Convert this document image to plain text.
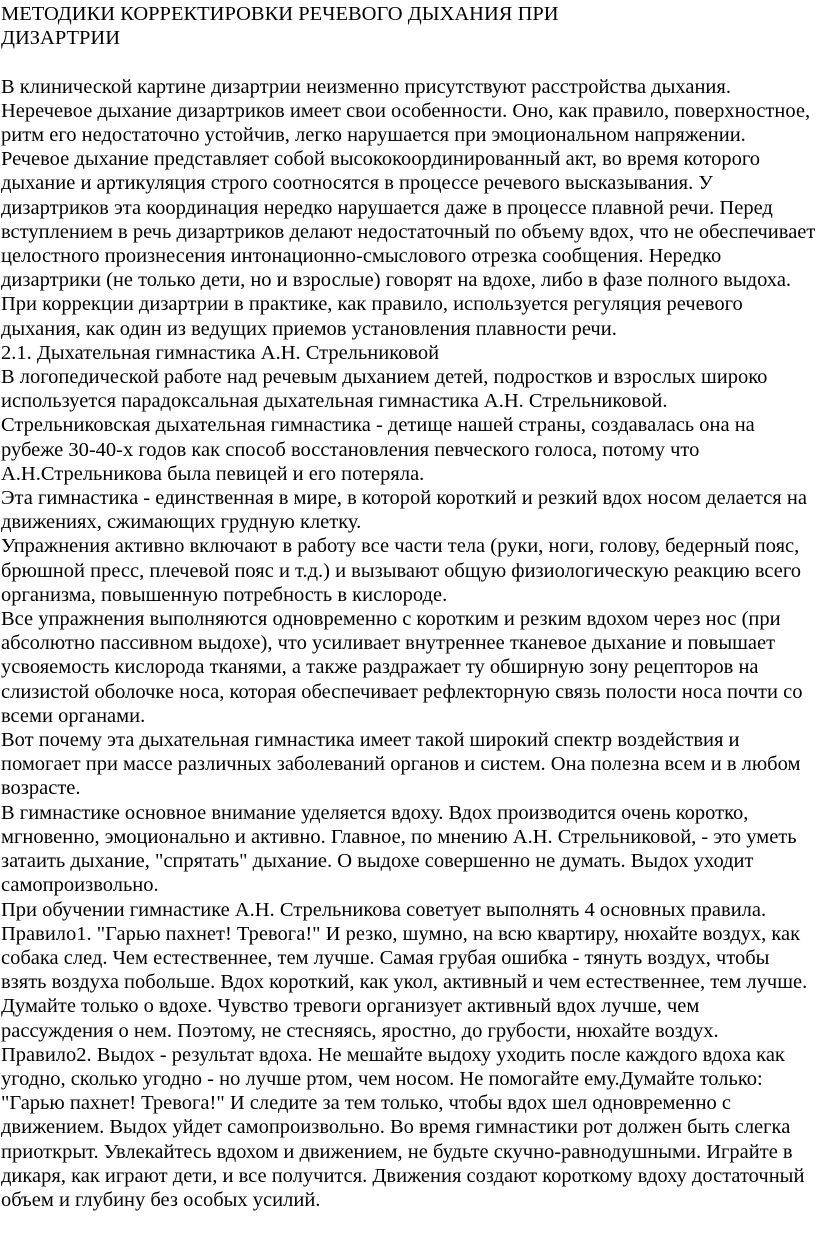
МЕТОДИКИ КОРРЕКТИРОВКИ РЕЧЕВОГО ДЫХАНИЯ ПРИ
ДИЗАРТРИИ

В клинической картине дизартрии неизменно присутствуют расстройства дыхания. Неречевое дыхание дизартриков имеет свои особенности. Оно, как правило, поверхностное, ритм его недостаточно устойчив, легко нарушается при эмоциональном напряжении.

Речевое дыхание представляет собой высококоординированный акт, во время которого дыхание и артикуляция строго соотносятся в процессе речевого высказывания. У дизартриков эта координация нередко нарушается даже в процессе плавной речи. Перед вступлением в речь дизартриков делают недостаточный по объему вдох, что не обеспечивает целостного произнесения интонационно-смыслового отрезка сообщения. Нередко дизартрики (не только дети, но и взрослые) говорят на вдохе, либо в фазе полного выдоха.

При коррекции дизартрии в практике, как правило, используется регуляция речевого дыхания, как один из ведущих приемов установления плавности речи.

2.1. Дыхательная гимнастика А.Н. Стрельниковой

В логопедической работе над речевым дыханием детей, подростков и взрослых широко используется парадоксальная дыхательная гимнастика А.Н. Стрельниковой.

Стрельниковская дыхательная гимнастика - детище нашей страны, создавалась она на рубеже 30-40-х годов как способ восстановления певческого голоса, потому что А.Н.Стрельникова была певицей и его потеряла.

Эта гимнастика - единственная в мире, в которой короткий и резкий вдох носом делается на движениях, сжимающих грудную клетку.

Упражнения активно включают в работу все части тела (руки, ноги, голову, бедерный пояс, брюшной пресс, плечевой пояс и т.д.) и вызывают общую физиологическую реакцию всего организма, повышенную потребность в кислороде.

Все упражнения выполняются одновременно с коротким и резким вдохом через нос (при абсолютно пассивном выдохе), что усиливает внутреннее тканевое дыхание и повышает усвояемость кислорода тканями, а также раздражает ту обширную зону рецепторов на слизистой оболочке носа, которая обеспечивает рефлекторную связь полости носа почти со всеми органами.

Вот почему эта дыхательная гимнастика имеет такой широкий спектр воздействия и помогает при массе различных заболеваний органов и систем. Она полезна всем и в любом возрасте.

В гимнастике основное внимание уделяется вдоху. Вдох производится очень коротко, мгновенно, эмоционально и активно. Главное, по мнению А.Н. Стрельниковой, - это уметь затаить дыхание, "спрятать" дыхание. О выдохе совершенно не думать. Выдох уходит самопроизвольно.

При обучении гимнастике А.Н. Стрельникова советует выполнять 4 основных правила. Правило1. "Гарью пахнет! Тревога!" И резко, шумно, на всю квартиру, нюхайте воздух, как собака след. Чем естественнее, тем лучше. Самая грубая ошибка - тянуть воздух, чтобы взять воздуха побольше. Вдох короткий, как укол, активный и чем естественнее, тем лучше. Думайте только о вдохе. Чувство тревоги организует активный вдох лучше, чем рассуждения о нем. Поэтому, не стесняясь, яростно, до грубости, нюхайте воздух.

Правило2. Выдох - результат вдоха. Не мешайте выдоху уходить после каждого вдоха как угодно, сколько угодно - но лучше ртом, чем носом. Не помогайте ему.Думайте только: "Гарью пахнет! Тревога!" И следите за тем только, чтобы вдох шел одновременно с движением. Выдох уйдет самопроизвольно. Во время гимнастики рот должен быть слегка приоткрыт. Увлекайтесь вдохом и движением, не будьте скучно-равнодушными. Играйте в дикаря, как играют дети, и все получится. Движения создают короткому вдоху достаточный объем и глубину без особых усилий.
